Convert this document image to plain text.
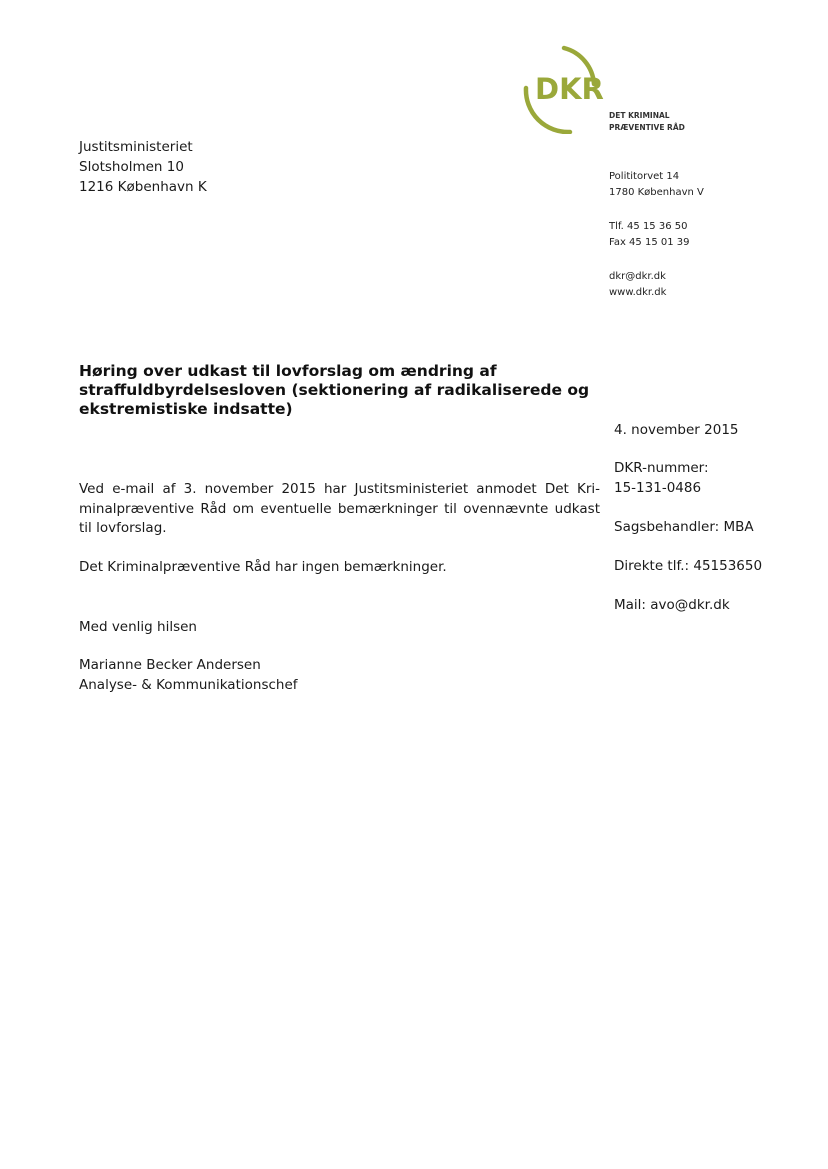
DKR
DET KRIMINAL
PRÆVENTIVE RÅD
Justitsministeriet
Slotsholmen 10
1216 København K
Polititorvet 14
1780 København V
Tlf. 45 15 36 50
Fax 45 15 01 39
dkr@dkr.dk
www.dkr.dk
Høring over udkast til lovforslag om ændring af
straffuldbyrdelsesloven (sektionering af radikaliserede og
ekstremistiske indsatte)
4. november 2015
DKR-nummer:
15-131-0486
Sagsbehandler: MBA
Direkte tlf.: 45153650
Mail: avo@dkr.dk
Ved e-mail af 3. november 2015 har Justitsministeriet anmodet Det Kri-
minalpræventive Råd om eventuelle bemærkninger til ovennævnte udkast
til lovforslag.
Det Kriminalpræventive Råd har ingen bemærkninger.
Med venlig hilsen
Marianne Becker Andersen
Analyse- & Kommunikationschef
